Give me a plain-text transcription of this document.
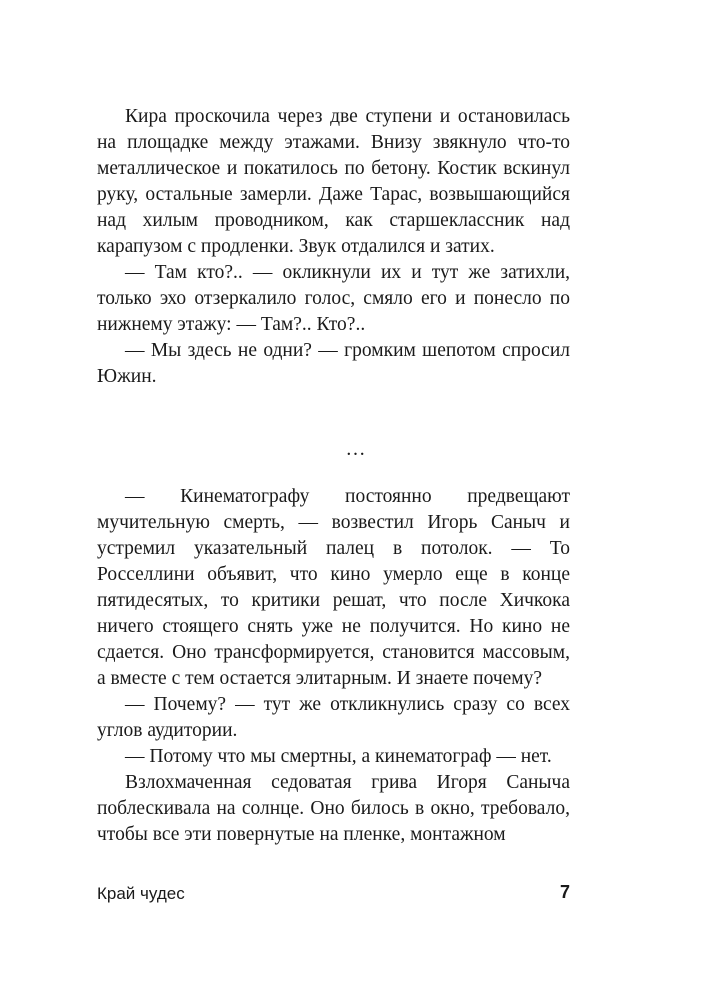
Кира проскочила через две ступени и остановилась на площадке между этажами. Внизу звякнуло что-то металлическое и покатилось по бетону. Костик вскинул руку, остальные замерли. Даже Тарас, возвышающийся над хилым проводником, как старшеклассник над карапузом с продленки. Звук отдалился и затих.

— Там кто?.. — окликнули их и тут же затихли, только эхо отзеркалило голос, смяло его и понесло по нижнему этажу: — Там?.. Кто?..

— Мы здесь не одни? — громким шепотом спросил Южин.

…

— Кинематографу постоянно предвещают мучительную смерть, — возвестил Игорь Саныч и устремил указательный палец в потолок. — То Росселлини объявит, что кино умерло еще в конце пятидесятых, то критики решат, что после Хичкока ничего стоящего снять уже не получится. Но кино не сдается. Оно трансформируется, становится массовым, а вместе с тем остается элитарным. И знаете почему?

— Почему? — тут же откликнулись сразу со всех углов аудитории.

— Потому что мы смертны, а кинематограф — нет.

Взлохмаченная седоватая грива Игоря Саныча поблескивала на солнце. Оно билось в окно, требовало, чтобы все эти повернутые на пленке, монтажном

Край чудес	7
